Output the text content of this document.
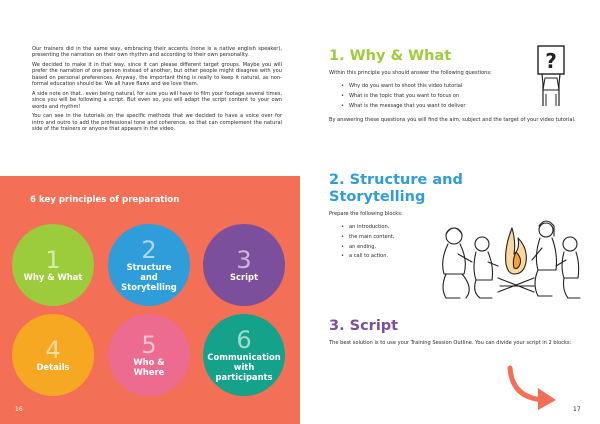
Our trainers did in the same way, embracing their accents (none is a native english speaker), presenting the narration on their own rhythm and according to their own personality.

We decided to make it in that way, since it can please different target groups. Maybe you will prefer the narration of one person instead of another, but other people might disagree with you based on personal preferences. Anyway, the important thing is really to keep it natural, as non-formal education should be. We all have flaws and we love them.

A side note on that.. even being natural, for sure you will have to film your footage several times, since you will be following a script. But even so, you will adapt the script content to your own words and rhythm!

You can see in the tutorials on the specific methods that we decided to have a voice over for intro and outro to add the professional tone and coherence, so that can complement the natural side of the trainers or anyone that appears in the video.

6 key principles of preparation
1
Why & What
2
Structure and Storytelling
3
Script
4
Details
5
Who & Where
6
Communication with participants
16
1. Why & What

Within this principle you should answer the following questions:

• Why do you want to shoot this video tutorial
• What is the topic that you want to focus on
• What is the message that you want to deliver

By answering these questions you will find the aim, subject and the target of your video tutorial.

?
2. Structure and Storytelling

Prepare the following blocks:

• an introduction,
• the main content,
• an ending,
• a call to action.
3. Script

The best solution is to use your Training Session Outline. You can divide your script in 2 blocks:

17
